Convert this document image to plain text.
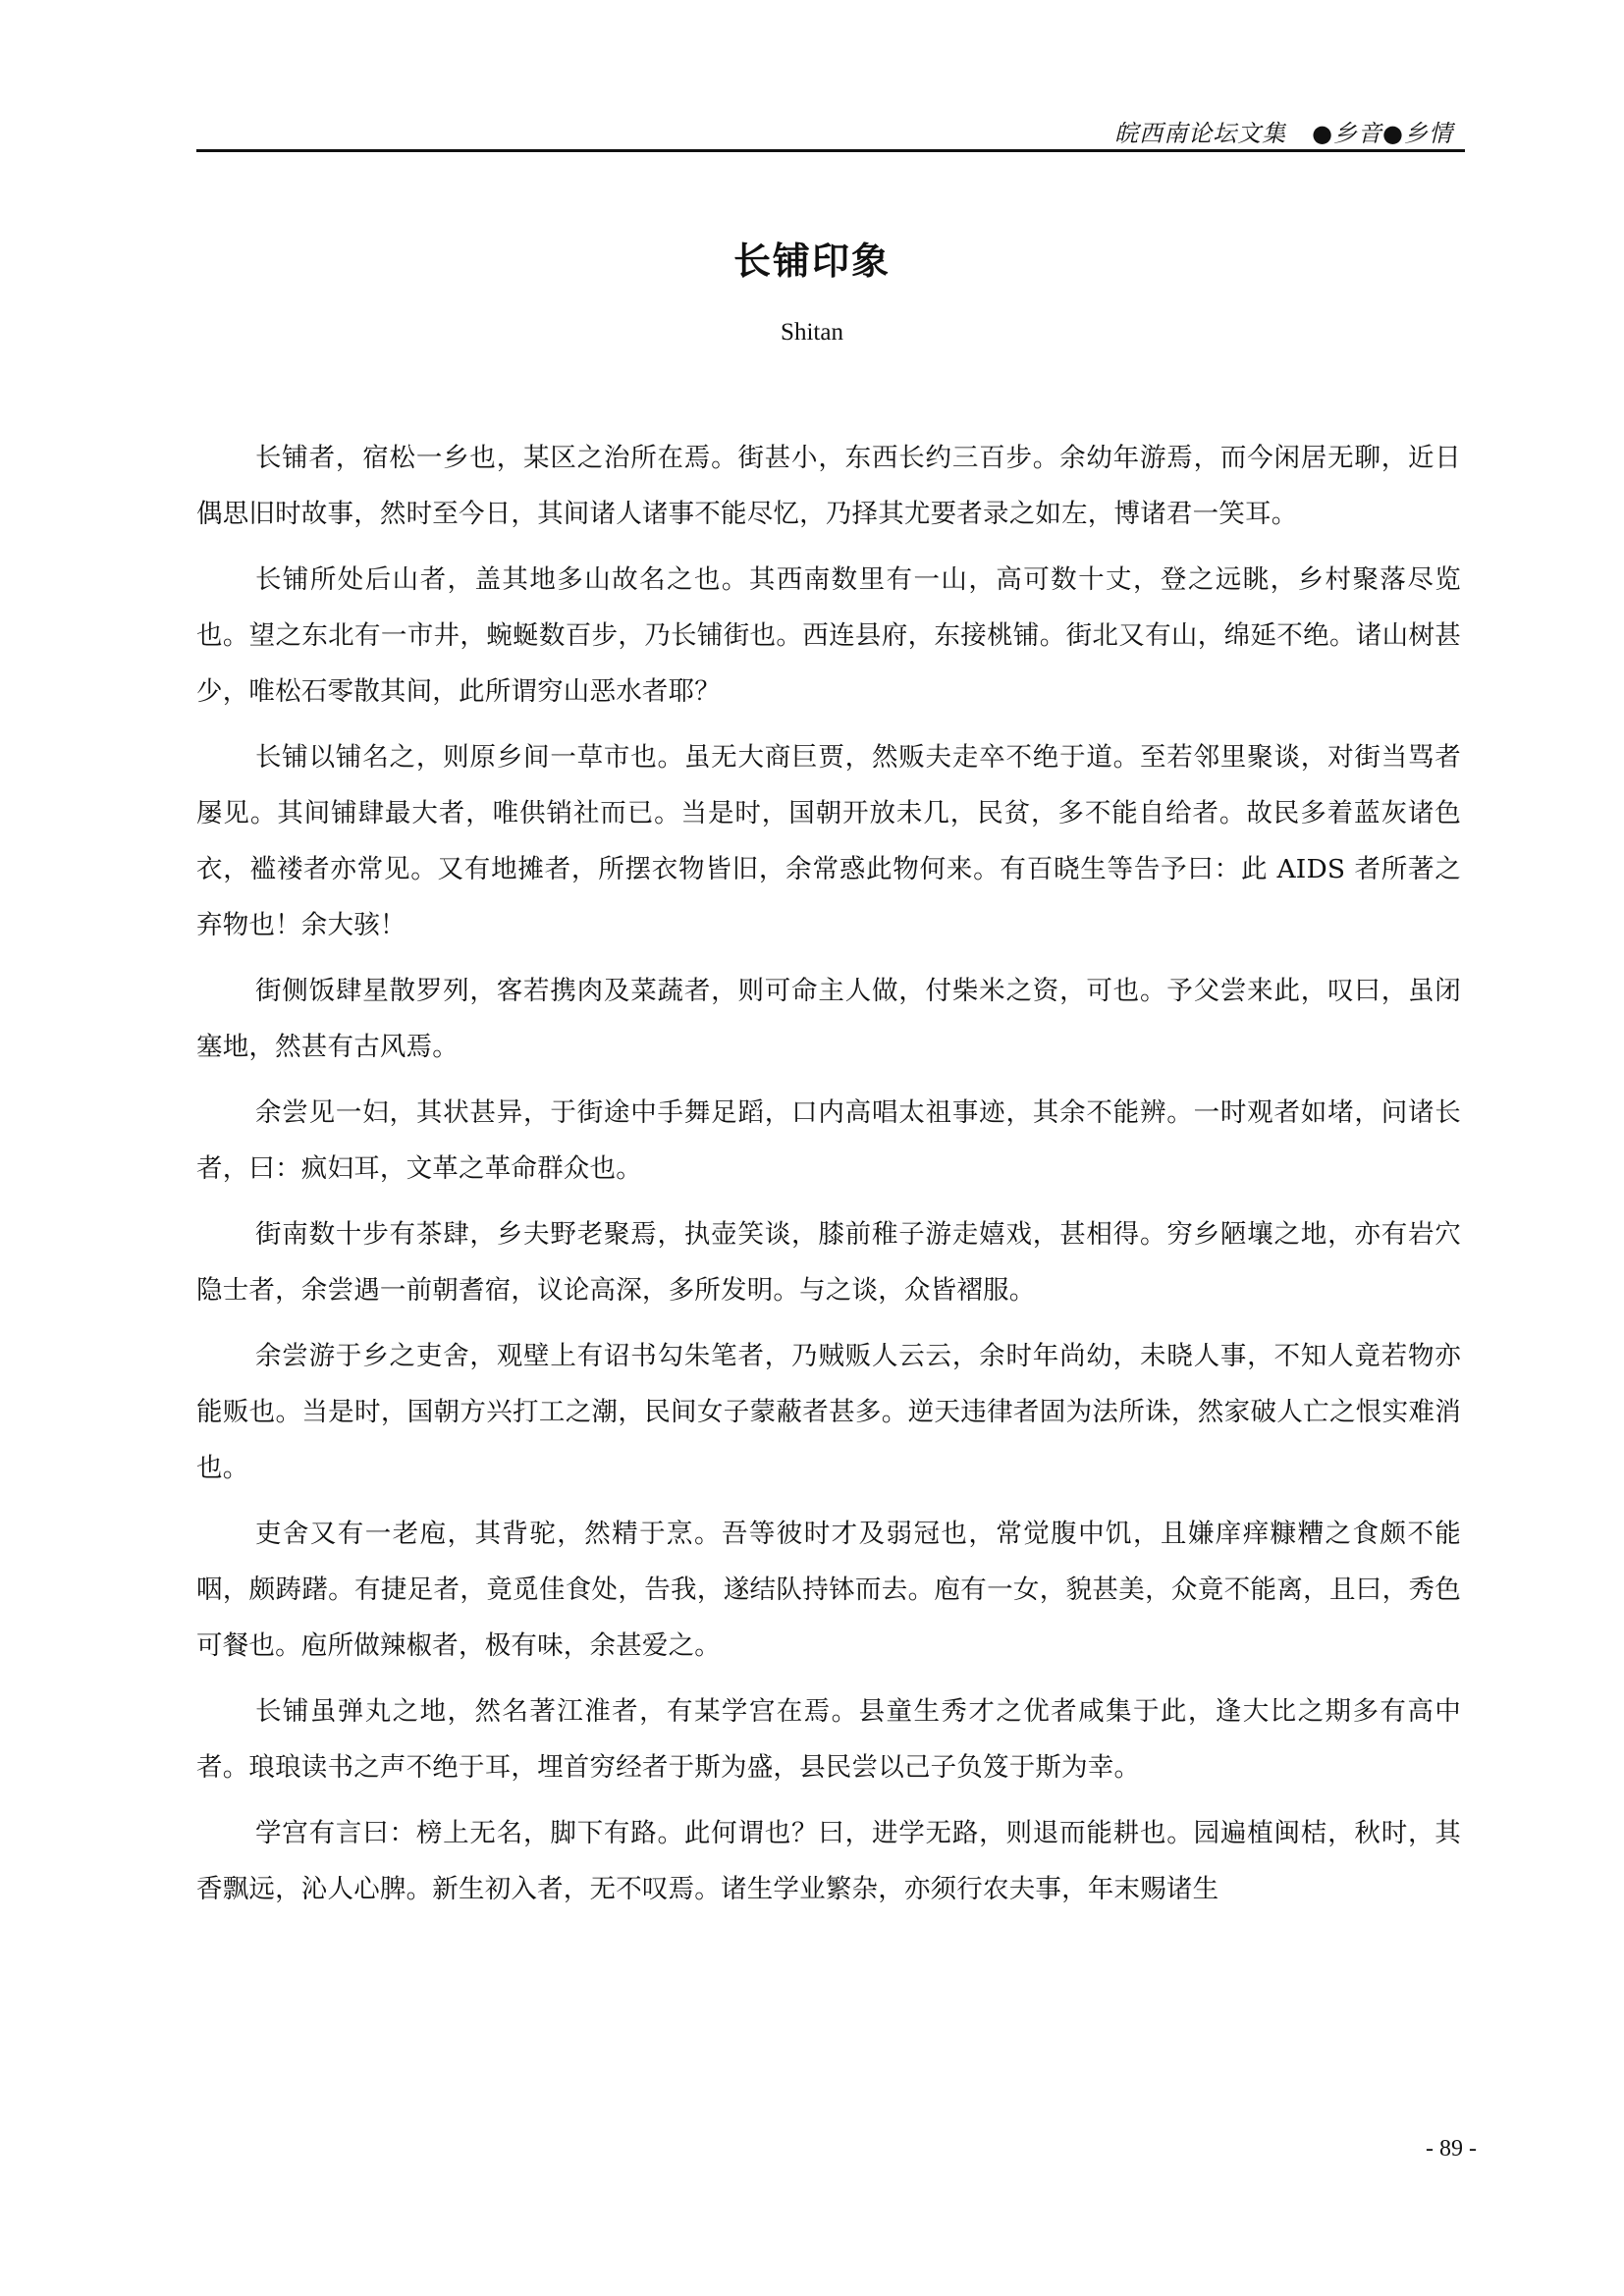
皖西南论坛文集 ●乡音●乡情
长铺印象
Shitan

长铺者，宿松一乡也，某区之治所在焉。街甚小，东西长约三百步。余幼年游焉，而今闲居无聊，近日偶思旧时故事，然时至今日，其间诸人诸事不能尽忆，乃择其尤要者录之如左，博诸君一笑耳。

长铺所处后山者，盖其地多山故名之也。其西南数里有一山，高可数十丈，登之远眺，乡村聚落尽览也。望之东北有一市井，蜿蜒数百步，乃长铺街也。西连县府，东接桃铺。街北又有山，绵延不绝。诸山树甚少，唯松石零散其间，此所谓穷山恶水者耶？

长铺以铺名之，则原乡间一草市也。虽无大商巨贾，然贩夫走卒不绝于道。至若邻里聚谈，对街当骂者屡见。其间铺肆最大者，唯供销社而已。当是时，国朝开放未几，民贫，多不能自给者。故民多着蓝灰诸色衣，褴褛者亦常见。又有地摊者，所摆衣物皆旧，余常惑此物何来。有百晓生等告予曰：此 AIDS 者所著之弃物也！余大骇！

街侧饭肆星散罗列，客若携肉及菜蔬者，则可命主人做，付柴米之资，可也。予父尝来此，叹曰，虽闭塞地，然甚有古风焉。

余尝见一妇，其状甚异，于街途中手舞足蹈，口内高唱太祖事迹，其余不能辨。一时观者如堵，问诸长者，曰：疯妇耳，文革之革命群众也。

街南数十步有茶肆，乡夫野老聚焉，执壶笑谈，膝前稚子游走嬉戏，甚相得。穷乡陋壤之地，亦有岩穴隐士者，余尝遇一前朝耆宿，议论高深，多所发明。与之谈，众皆褶服。

余尝游于乡之吏舍，观壁上有诏书勾朱笔者，乃贼贩人云云，余时年尚幼，未晓人事，不知人竟若物亦能贩也。当是时，国朝方兴打工之潮，民间女子蒙蔽者甚多。逆天违律者固为法所诛，然家破人亡之恨实难消也。

吏舍又有一老庖，其背驼，然精于烹。吾等彼时才及弱冠也，常觉腹中饥，且嫌庠痒糠糟之食颇不能咽，颇踌躇。有捷足者，竟觅佳食处，告我，遂结队持钵而去。庖有一女，貌甚美，众竟不能离，且曰，秀色可餐也。庖所做辣椒者，极有味，余甚爱之。

长铺虽弹丸之地，然名著江淮者，有某学宫在焉。县童生秀才之优者咸集于此，逢大比之期多有高中者。琅琅读书之声不绝于耳，埋首穷经者于斯为盛，县民尝以己子负笈于斯为幸。

学宫有言曰：榜上无名，脚下有路。此何谓也？曰，进学无路，则退而能耕也。园遍植闽桔，秋时，其香飘远，沁人心脾。新生初入者，无不叹焉。诸生学业繁杂，亦须行农夫事，年末赐诸生

- 89 -
